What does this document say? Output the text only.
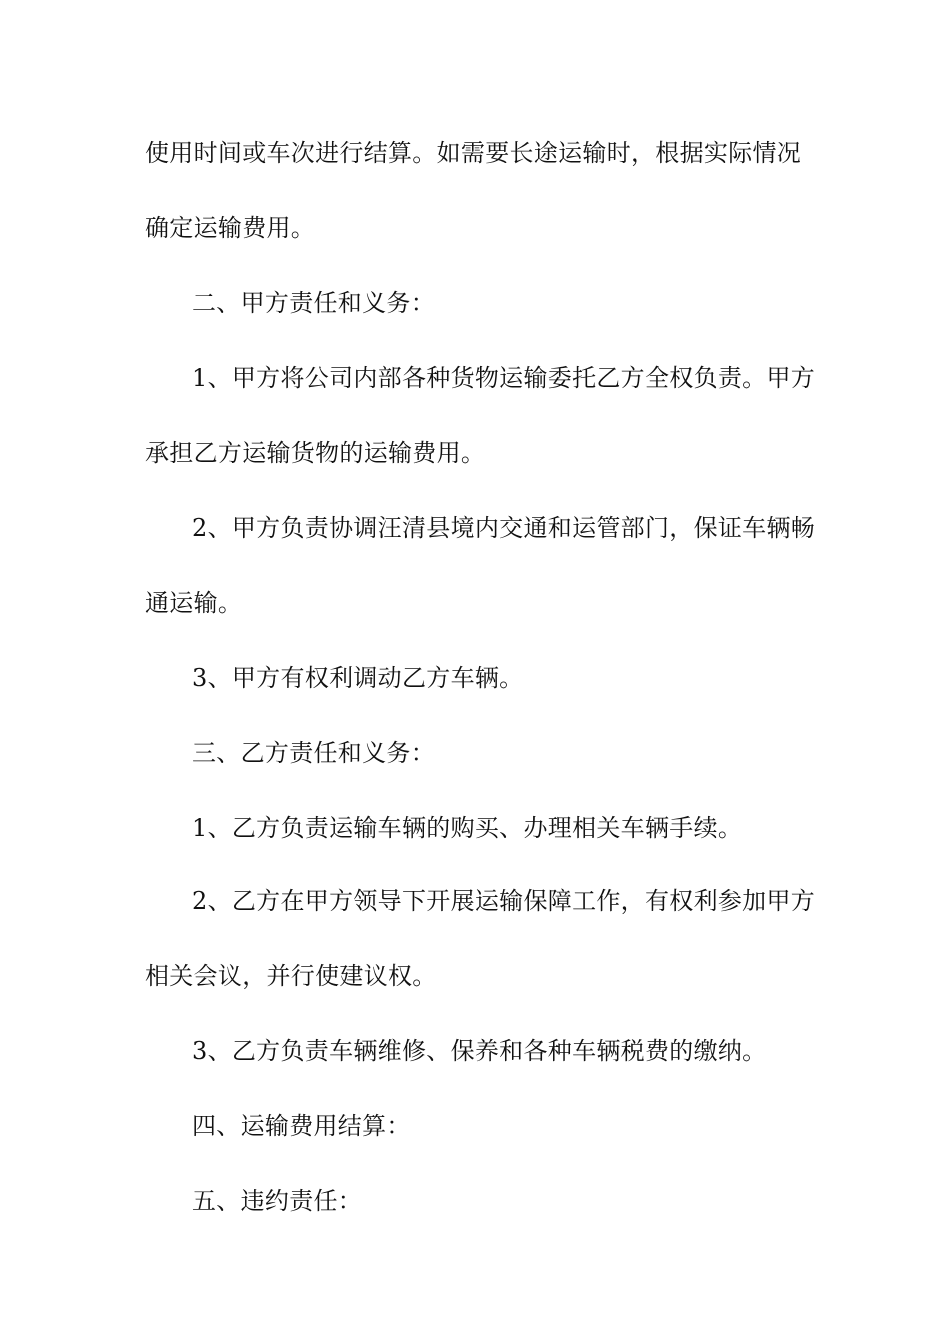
使用时间或车次进行结算。如需要长途运输时，根据实际情况
确定运输费用。
二、甲方责任和义务：
1、甲方将公司内部各种货物运输委托乙方全权负责。甲方
承担乙方运输货物的运输费用。
2、甲方负责协调汪清县境内交通和运管部门，保证车辆畅
通运输。
3、甲方有权利调动乙方车辆。
三、乙方责任和义务：
1、乙方负责运输车辆的购买、办理相关车辆手续。
2、乙方在甲方领导下开展运输保障工作，有权利参加甲方
相关会议，并行使建议权。
3、乙方负责车辆维修、保养和各种车辆税费的缴纳。
四、运输费用结算：
五、违约责任：
